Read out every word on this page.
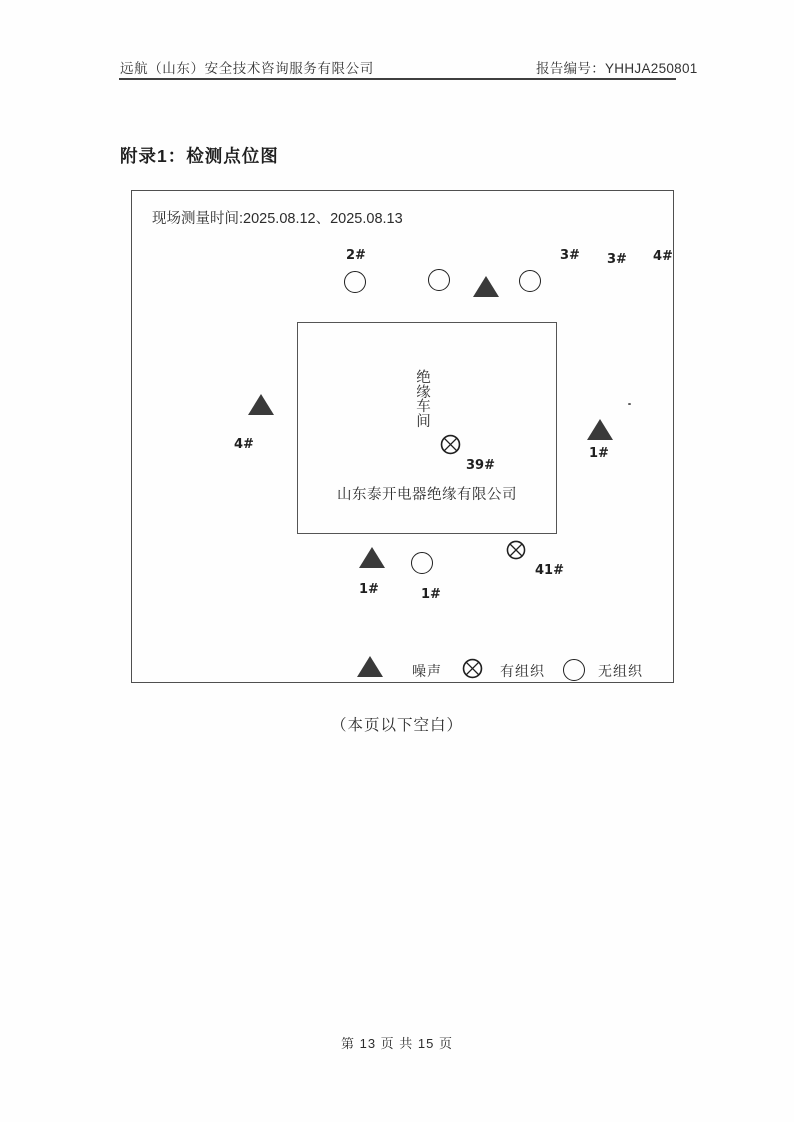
远航（山东）安全技术咨询服务有限公司	报告编号：YHHJA250801
附录1：检测点位图
现场测量时间:2025.08.12、2025.08.13
2#	3# 3# 4#
4#
1#
绝缘车间
39#
山东泰开电器绝缘有限公司
1#	1#
41#
噪声	有组织	无组织
（本页以下空白）
第 13 页 共 15 页
